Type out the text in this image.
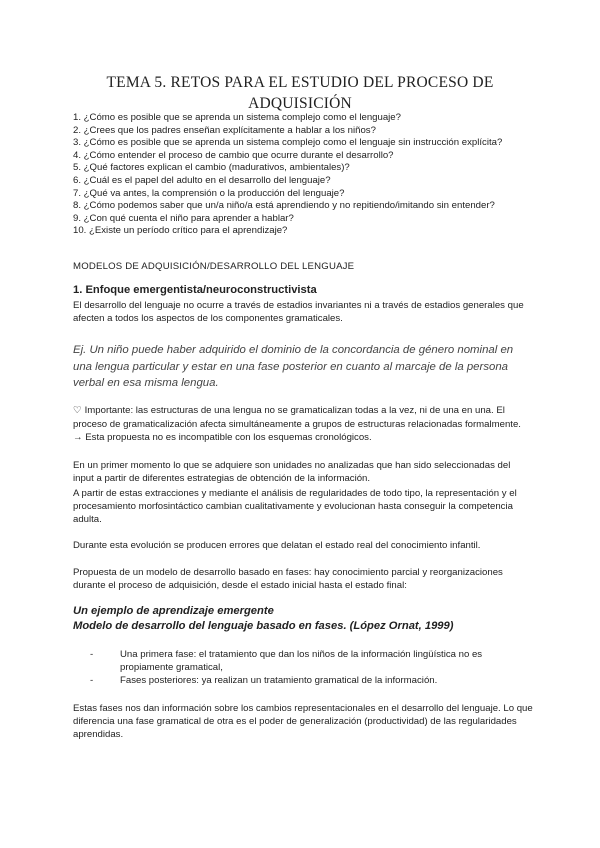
TEMA 5. RETOS PARA EL ESTUDIO DEL PROCESO DE ADQUISICIÓN
1. ¿Cómo es posible que se aprenda un sistema complejo como el lenguaje?
2. ¿Crees que los padres enseñan explícitamente a hablar a los niños?
3. ¿Cómo es posible que se aprenda un sistema complejo como el lenguaje sin instrucción explícita?
4. ¿Cómo entender el proceso de cambio que ocurre durante el desarrollo?
5. ¿Qué factores explican el cambio (madurativos, ambientales)?
6. ¿Cuál es el papel del adulto en el desarrollo del lenguaje?
7. ¿Qué va antes, la comprensión o la producción del lenguaje?
8. ¿Cómo podemos saber que un/a niño/a está aprendiendo y no repitiendo/imitando sin entender?
9. ¿Con qué cuenta el niño para aprender a hablar?
10. ¿Existe un período crítico para el aprendizaje?
MODELOS DE ADQUISICIÓN/DESARROLLO DEL LENGUAJE
1. Enfoque emergentista/neuroconstructivista
El desarrollo del lenguaje no ocurre a través de estadios invariantes ni a través de estadios generales que afecten a todos los aspectos de los componentes gramaticales.
Ej. Un niño puede haber adquirido el dominio de la concordancia de género nominal en una lengua particular y estar en una fase posterior en cuanto al marcaje de la persona verbal en esa misma lengua.
♡ Importante: las estructuras de una lengua no se gramaticalizan todas a la vez, ni de una en una. El proceso de gramaticalización afecta simultáneamente a grupos de estructuras relacionadas formalmente. → Esta propuesta no es incompatible con los esquemas cronológicos.
En un primer momento lo que se adquiere son unidades no analizadas que han sido seleccionadas del input a partir de diferentes estrategias de obtención de la información.
A partir de estas extracciones y mediante el análisis de regularidades de todo tipo, la representación y el procesamiento morfosintáctico cambian cualitativamente y evolucionan hasta conseguir la competencia adulta.
Durante esta evolución se producen errores que delatan el estado real del conocimiento infantil.
Propuesta de un modelo de desarrollo basado en fases: hay conocimiento parcial y reorganizaciones durante el proceso de adquisición, desde el estado inicial hasta el estado final:
Un ejemplo de aprendizaje emergente
Modelo de desarrollo del lenguaje basado en fases. (López Ornat, 1999)
-	Una primera fase: el tratamiento que dan los niños de la información lingüística no es propiamente gramatical,
-	Fases posteriores: ya realizan un tratamiento gramatical de la información.
Estas fases nos dan información sobre los cambios representacionales en el desarrollo del lenguaje. Lo que diferencia una fase gramatical de otra es el poder de generalización (productividad) de las regularidades aprendidas.
